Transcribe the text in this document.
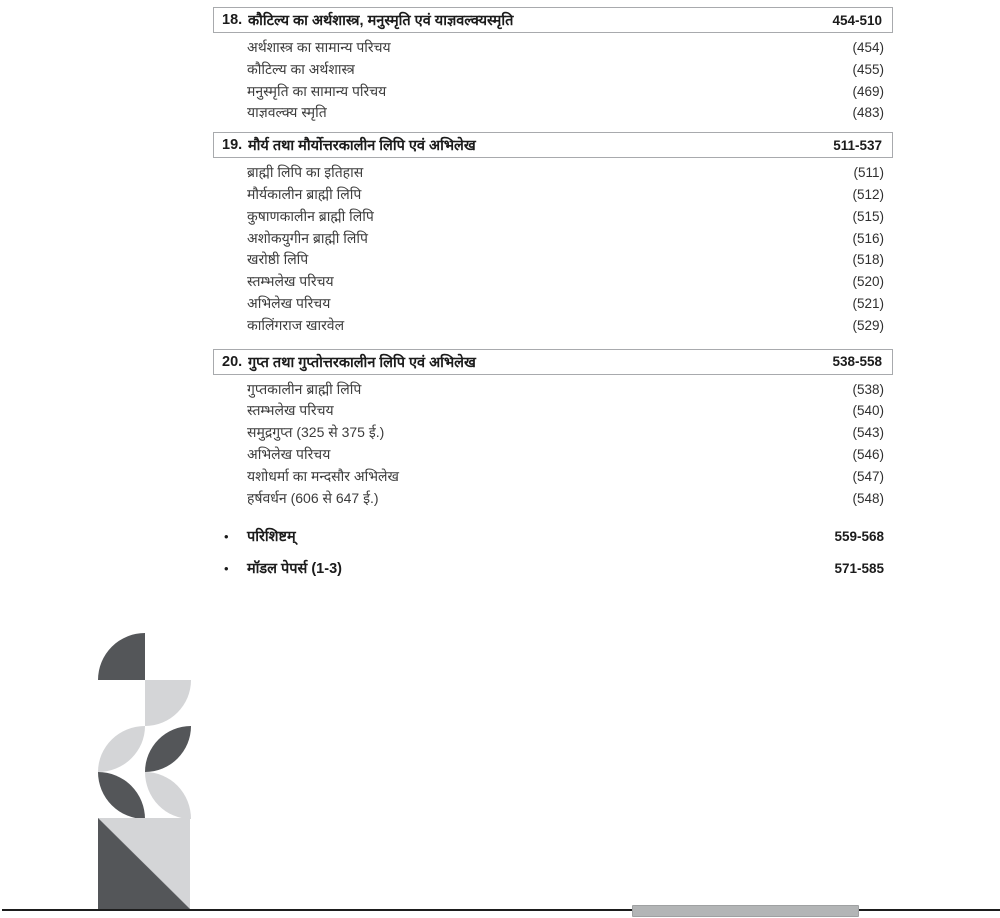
18. कौटिल्य का अर्थशास्त्र, मनुस्मृति एवं याज्ञवल्क्यस्मृति	454-510
अर्थशास्त्र का सामान्य परिचय	(454)
कौटिल्य का अर्थशास्त्र	(455)
मनुस्मृति का सामान्य परिचय	(469)
याज्ञवल्क्य स्मृति	(483)
19. मौर्य तथा मौर्योत्तरकालीन लिपि एवं अभिलेख	511-537
ब्राह्मी लिपि का इतिहास	(511)
मौर्यकालीन ब्राह्मी लिपि	(512)
कुषाणकालीन ब्राह्मी लिपि	(515)
अशोकयुगीन ब्राह्मी लिपि	(516)
खरोष्ठी लिपि	(518)
स्तम्भलेख परिचय	(520)
अभिलेख परिचय	(521)
कालिंगराज खारवेल	(529)
20. गुप्त तथा गुप्तोत्तरकालीन लिपि एवं अभिलेख	538-558
गुप्तकालीन ब्राह्मी लिपि	(538)
स्तम्भलेख परिचय	(540)
समुद्रगुप्त (325 से 375 ई.)	(543)
अभिलेख परिचय	(546)
यशोधर्मा का मन्दसौर अभिलेख	(547)
हर्षवर्धन (606 से 647 ई.)	(548)
•	परिशिष्टम्	559-568
•	मॉडल पेपर्स (1-3)	571-585
